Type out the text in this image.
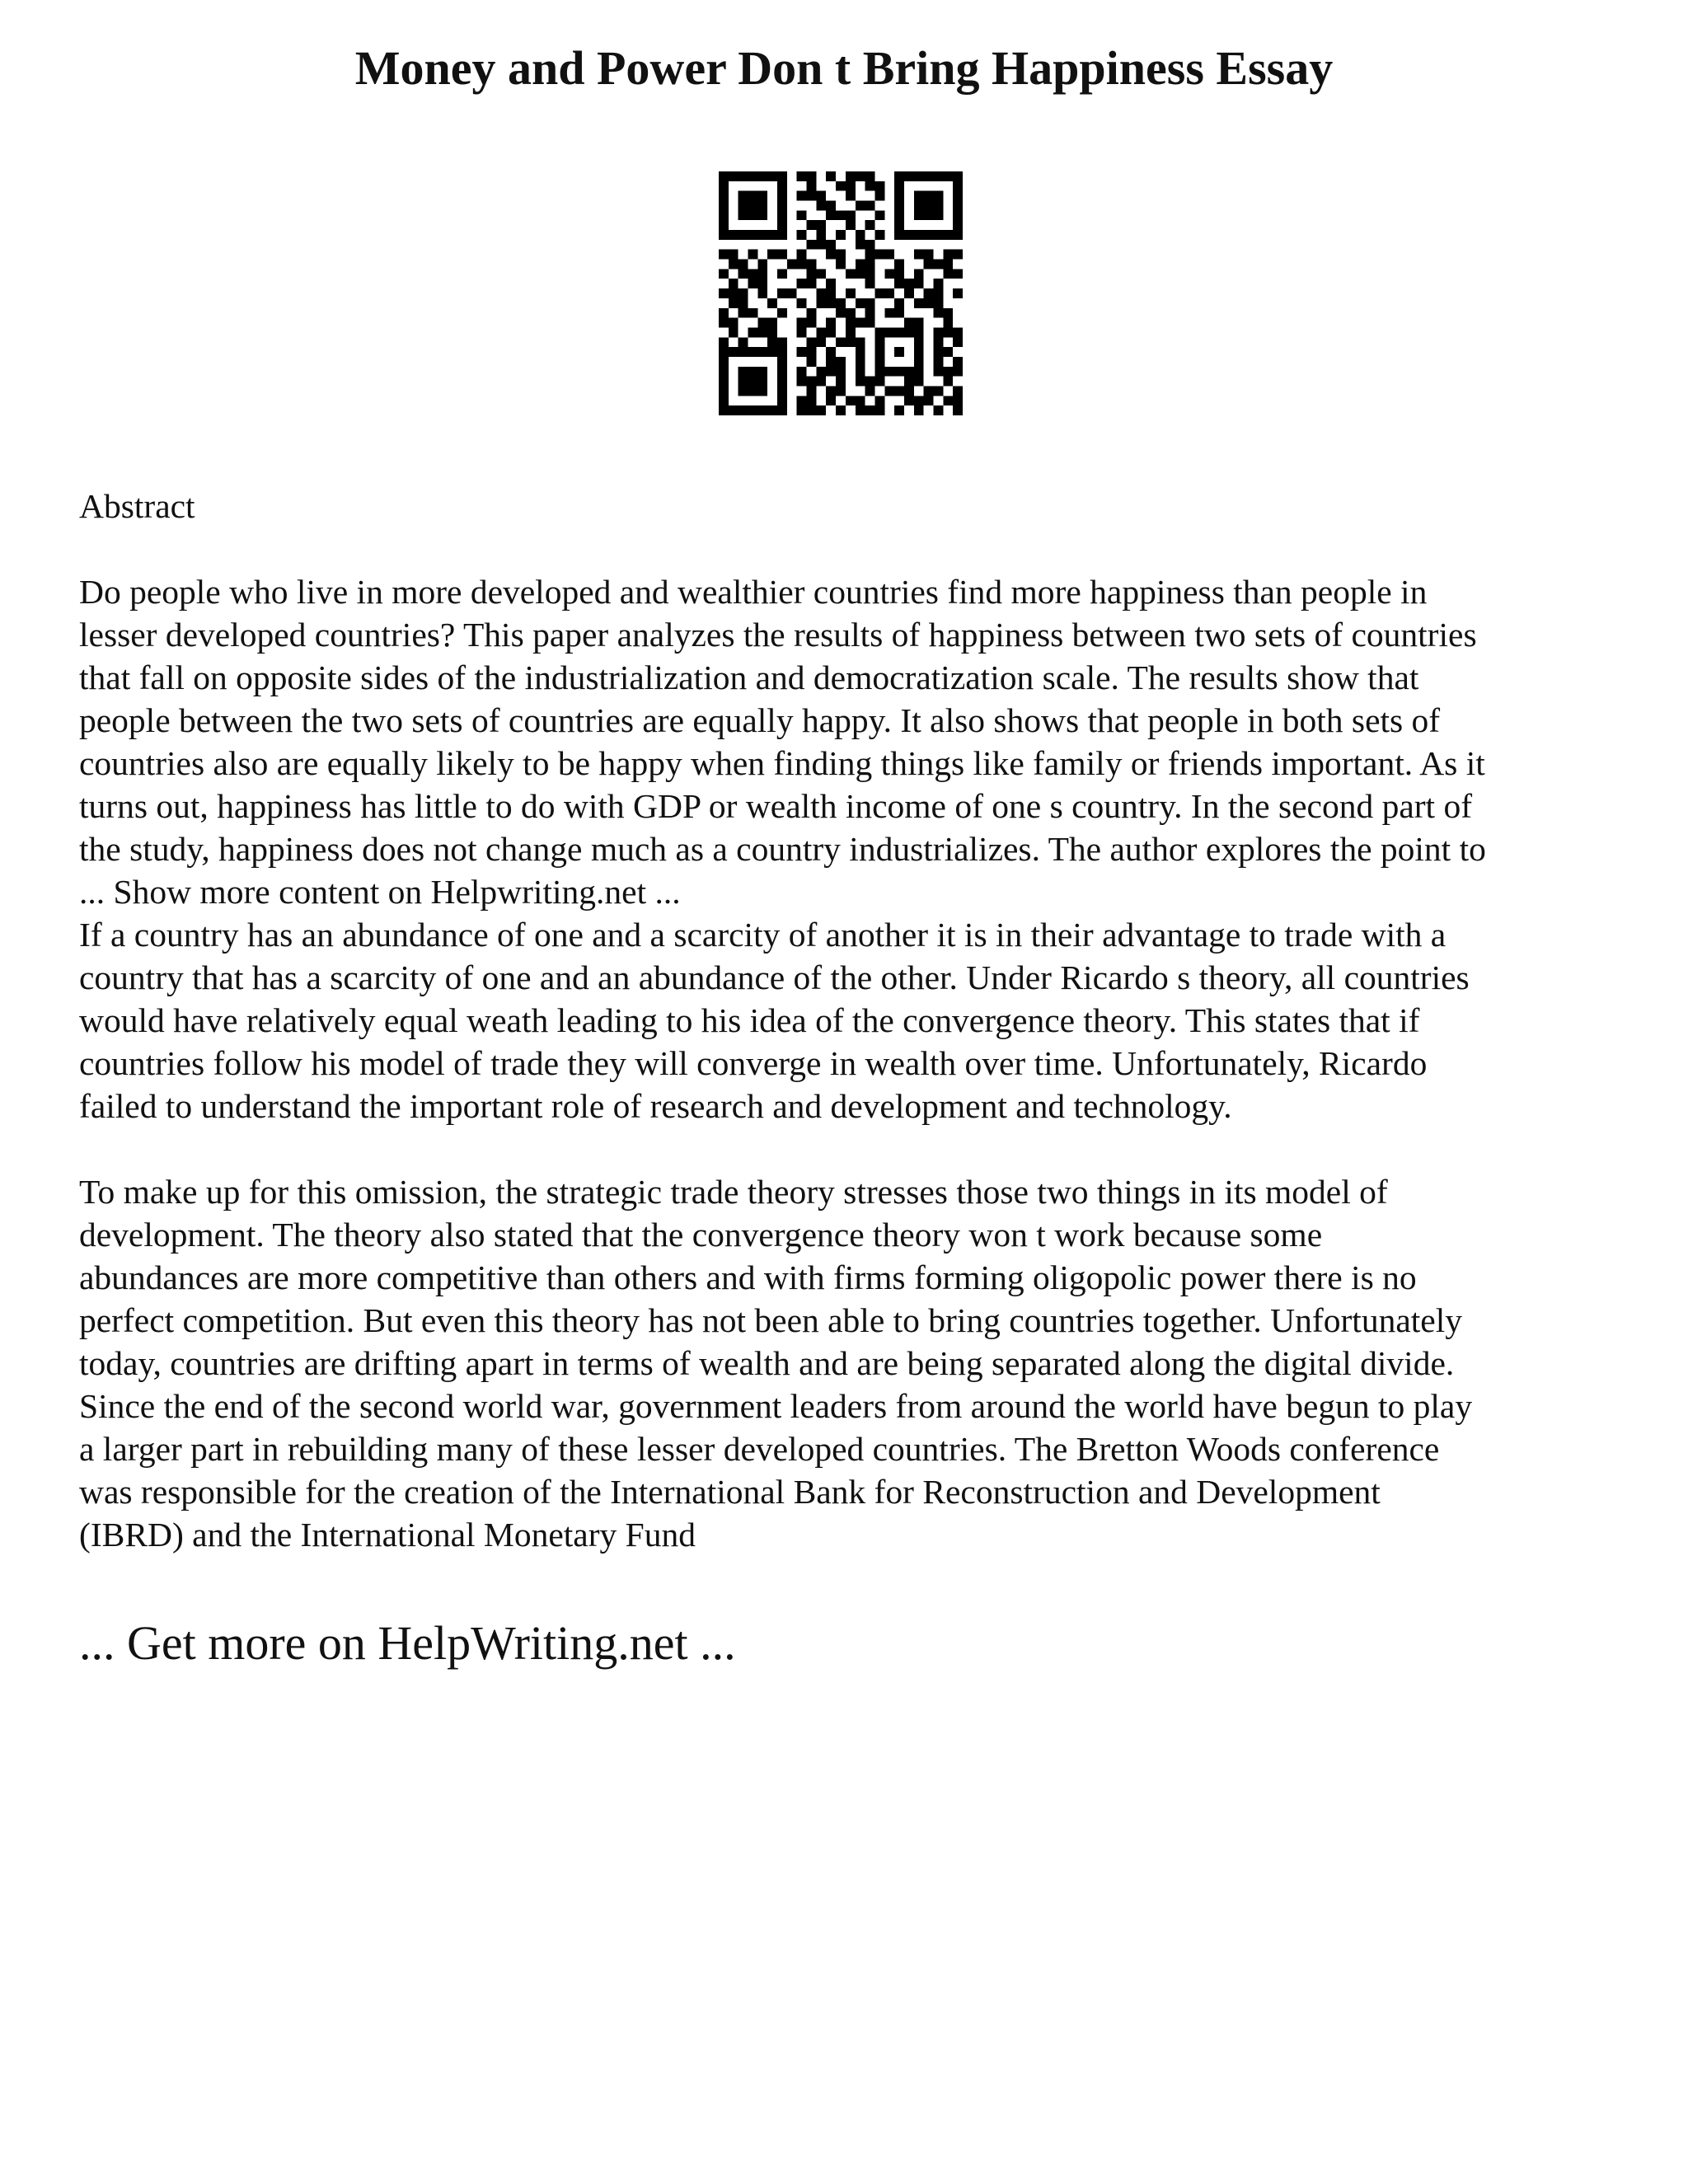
Money and Power Don t Bring Happiness Essay
Abstract
Do people who live in more developed and wealthier countries find more happiness than people in
lesser developed countries? This paper analyzes the results of happiness between two sets of countries
that fall on opposite sides of the industrialization and democratization scale. The results show that
people between the two sets of countries are equally happy. It also shows that people in both sets of
countries also are equally likely to be happy when finding things like family or friends important. As it
turns out, happiness has little to do with GDP or wealth income of one s country. In the second part of
the study, happiness does not change much as a country industrializes. The author explores the point to
... Show more content on Helpwriting.net ...
If a country has an abundance of one and a scarcity of another it is in their advantage to trade with a
country that has a scarcity of one and an abundance of the other. Under Ricardo s theory, all countries
would have relatively equal weath leading to his idea of the convergence theory. This states that if
countries follow his model of trade they will converge in wealth over time. Unfortunately, Ricardo
failed to understand the important role of research and development and technology.
To make up for this omission, the strategic trade theory stresses those two things in its model of
development. The theory also stated that the convergence theory won t work because some
abundances are more competitive than others and with firms forming oligopolic power there is no
perfect competition. But even this theory has not been able to bring countries together. Unfortunately
today, countries are drifting apart in terms of wealth and are being separated along the digital divide.
Since the end of the second world war, government leaders from around the world have begun to play
a larger part in rebuilding many of these lesser developed countries. The Bretton Woods conference
was responsible for the creation of the International Bank for Reconstruction and Development
(IBRD) and the International Monetary Fund
... Get more on HelpWriting.net ...
